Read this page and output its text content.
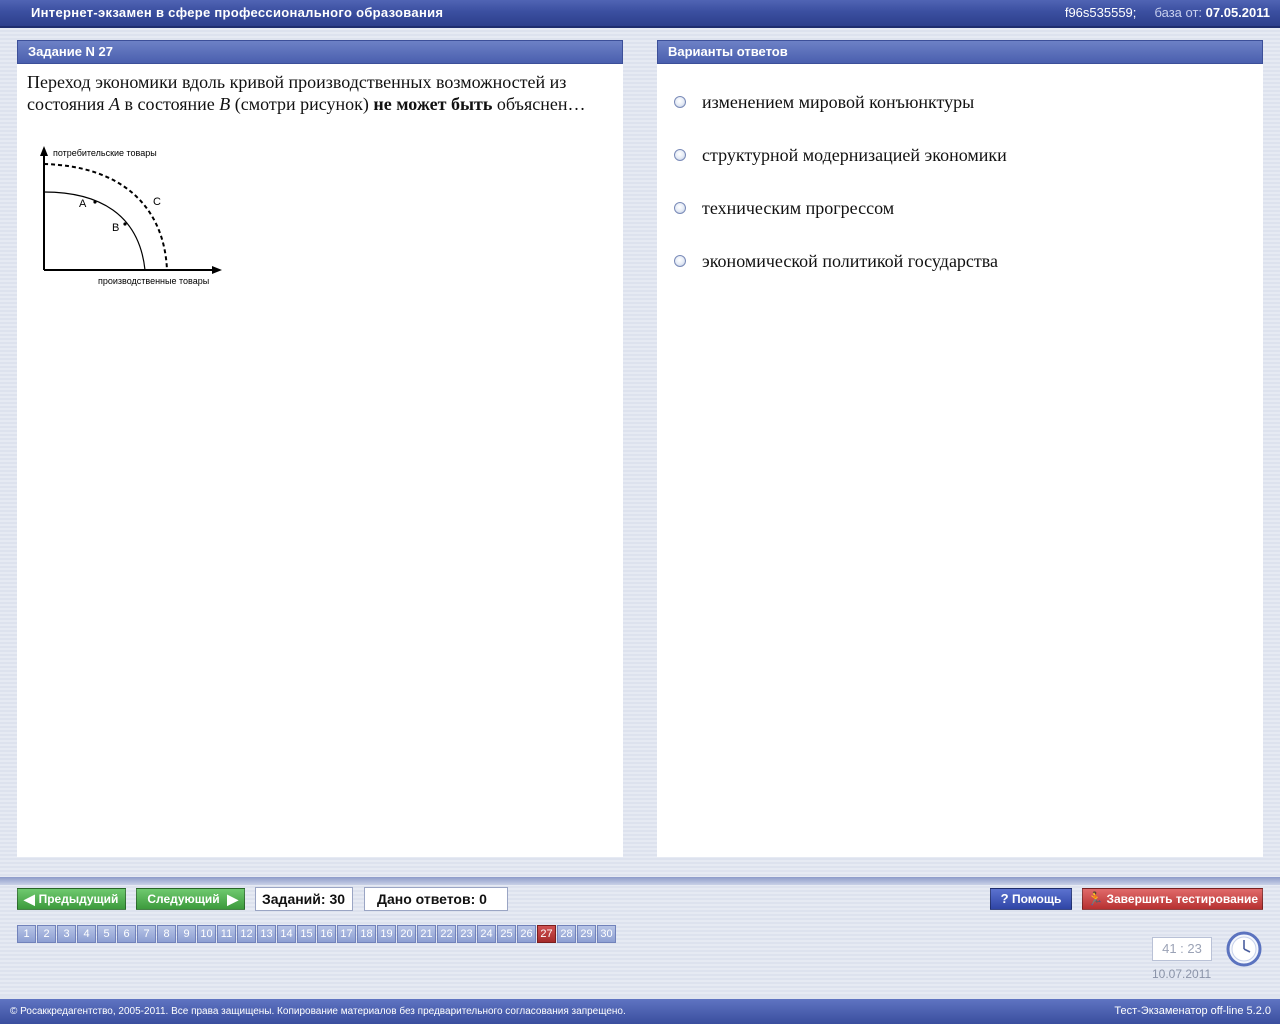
Интернет-экзамен в сфере профессионального образования	f96s535559; база от: 07.05.2011
Задание N 27
Переход экономики вдоль кривой производственных возможностей из состояния A в состояние B (смотри рисунок) не может быть объяснен…
потребительские товары
производственные товары
A
B
C
Варианты ответов
изменением мировой конъюнктуры
структурной модернизацией экономики
техническим прогрессом
экономической политикой государства
◀ Предыдущий	Следующий ▶	Заданий: 30	Дано ответов: 0	? Помощь	🏃 Завершить тестирование
1	2	3	4	5	6	7	8	9 10 11 12 13 14 15 16 17 18 19 20 21 22 23 24 25 26 27 28 29 30
41 : 23
10.07.2011
© Росаккредагентство, 2005-2011. Все права защищены. Копирование материалов без предварительного согласования запрещено.	Тест-Экзаменатор off-line 5.2.0
